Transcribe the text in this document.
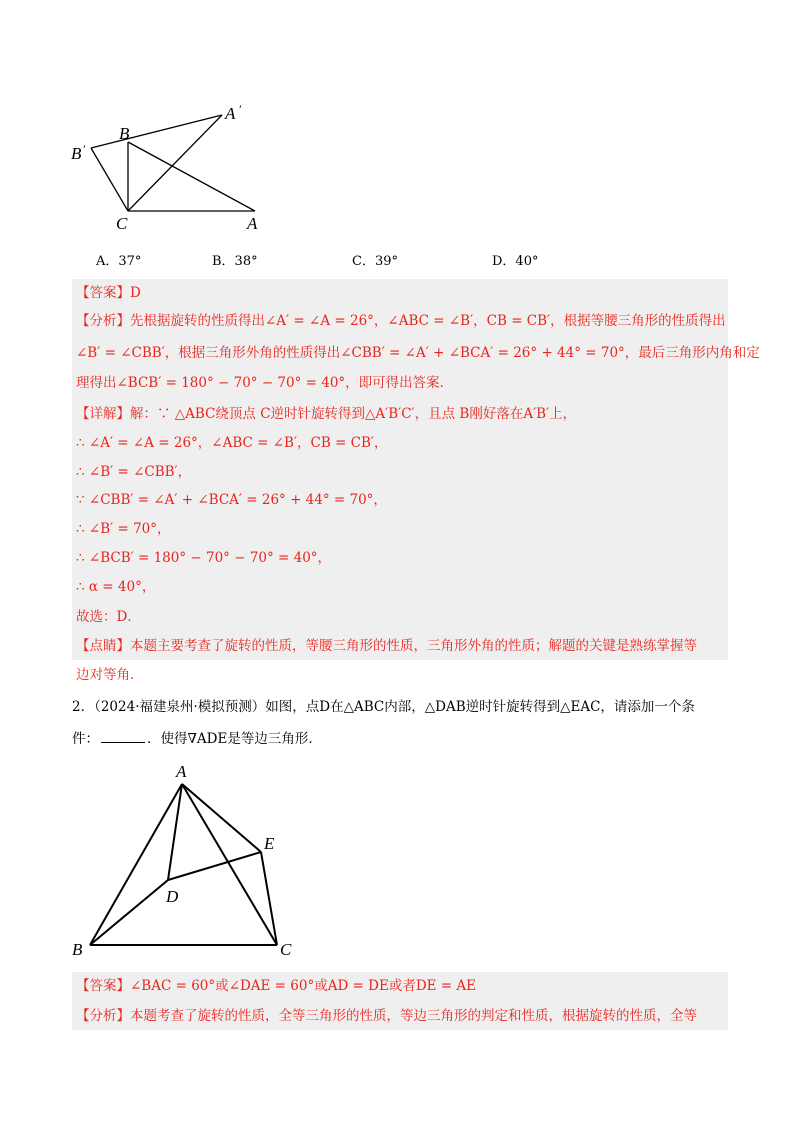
A ′
B
B′
C	A
A．37°	B．38°	C．39°	D．40°
【答案】D
【分析】先根据旋转的性质得出∠A′ = ∠A = 26°，∠ABC = ∠B′，CB = CB′，根据等腰三角形的性质得出
∠B′ = ∠CBB′，根据三角形外角的性质得出∠CBB′ = ∠A′ + ∠BCA′ = 26° + 44° = 70°，最后三角形内角和定
理得出∠BCB′ = 180° − 70° − 70° = 40°，即可得出答案．
【详解】解：∵ △ABC绕顶点 C逆时针旋转得到△A′B′C′，且点 B刚好落在A′B′上，
∴ ∠A′ = ∠A = 26°，∠ABC = ∠B′，CB = CB′，
∴ ∠B′ = ∠CBB′，
∵ ∠CBB′ = ∠A′ + ∠BCA′ = 26° + 44° = 70°，
∴ ∠B′ = 70°，
∴ ∠BCB′ = 180° − 70° − 70° = 40°，
∴ α = 40°，
故选：D．
【点睛】本题主要考查了旋转的性质，等腰三角形的性质，三角形外角的性质；解题的关键是熟练掌握等
边对等角．
2．（2024·福建泉州·模拟预测）如图，点D在△ABC内部，△DAB逆时针旋转得到△EAC，请添加一个条
件：	．使得∇ADE是等边三角形．
A
E
D
B	C
【答案】∠BAC = 60°或∠DAE = 60°或AD = DE或者DE = AE
【分析】本题考查了旋转的性质，全等三角形的性质，等边三角形的判定和性质，根据旋转的性质，全等
